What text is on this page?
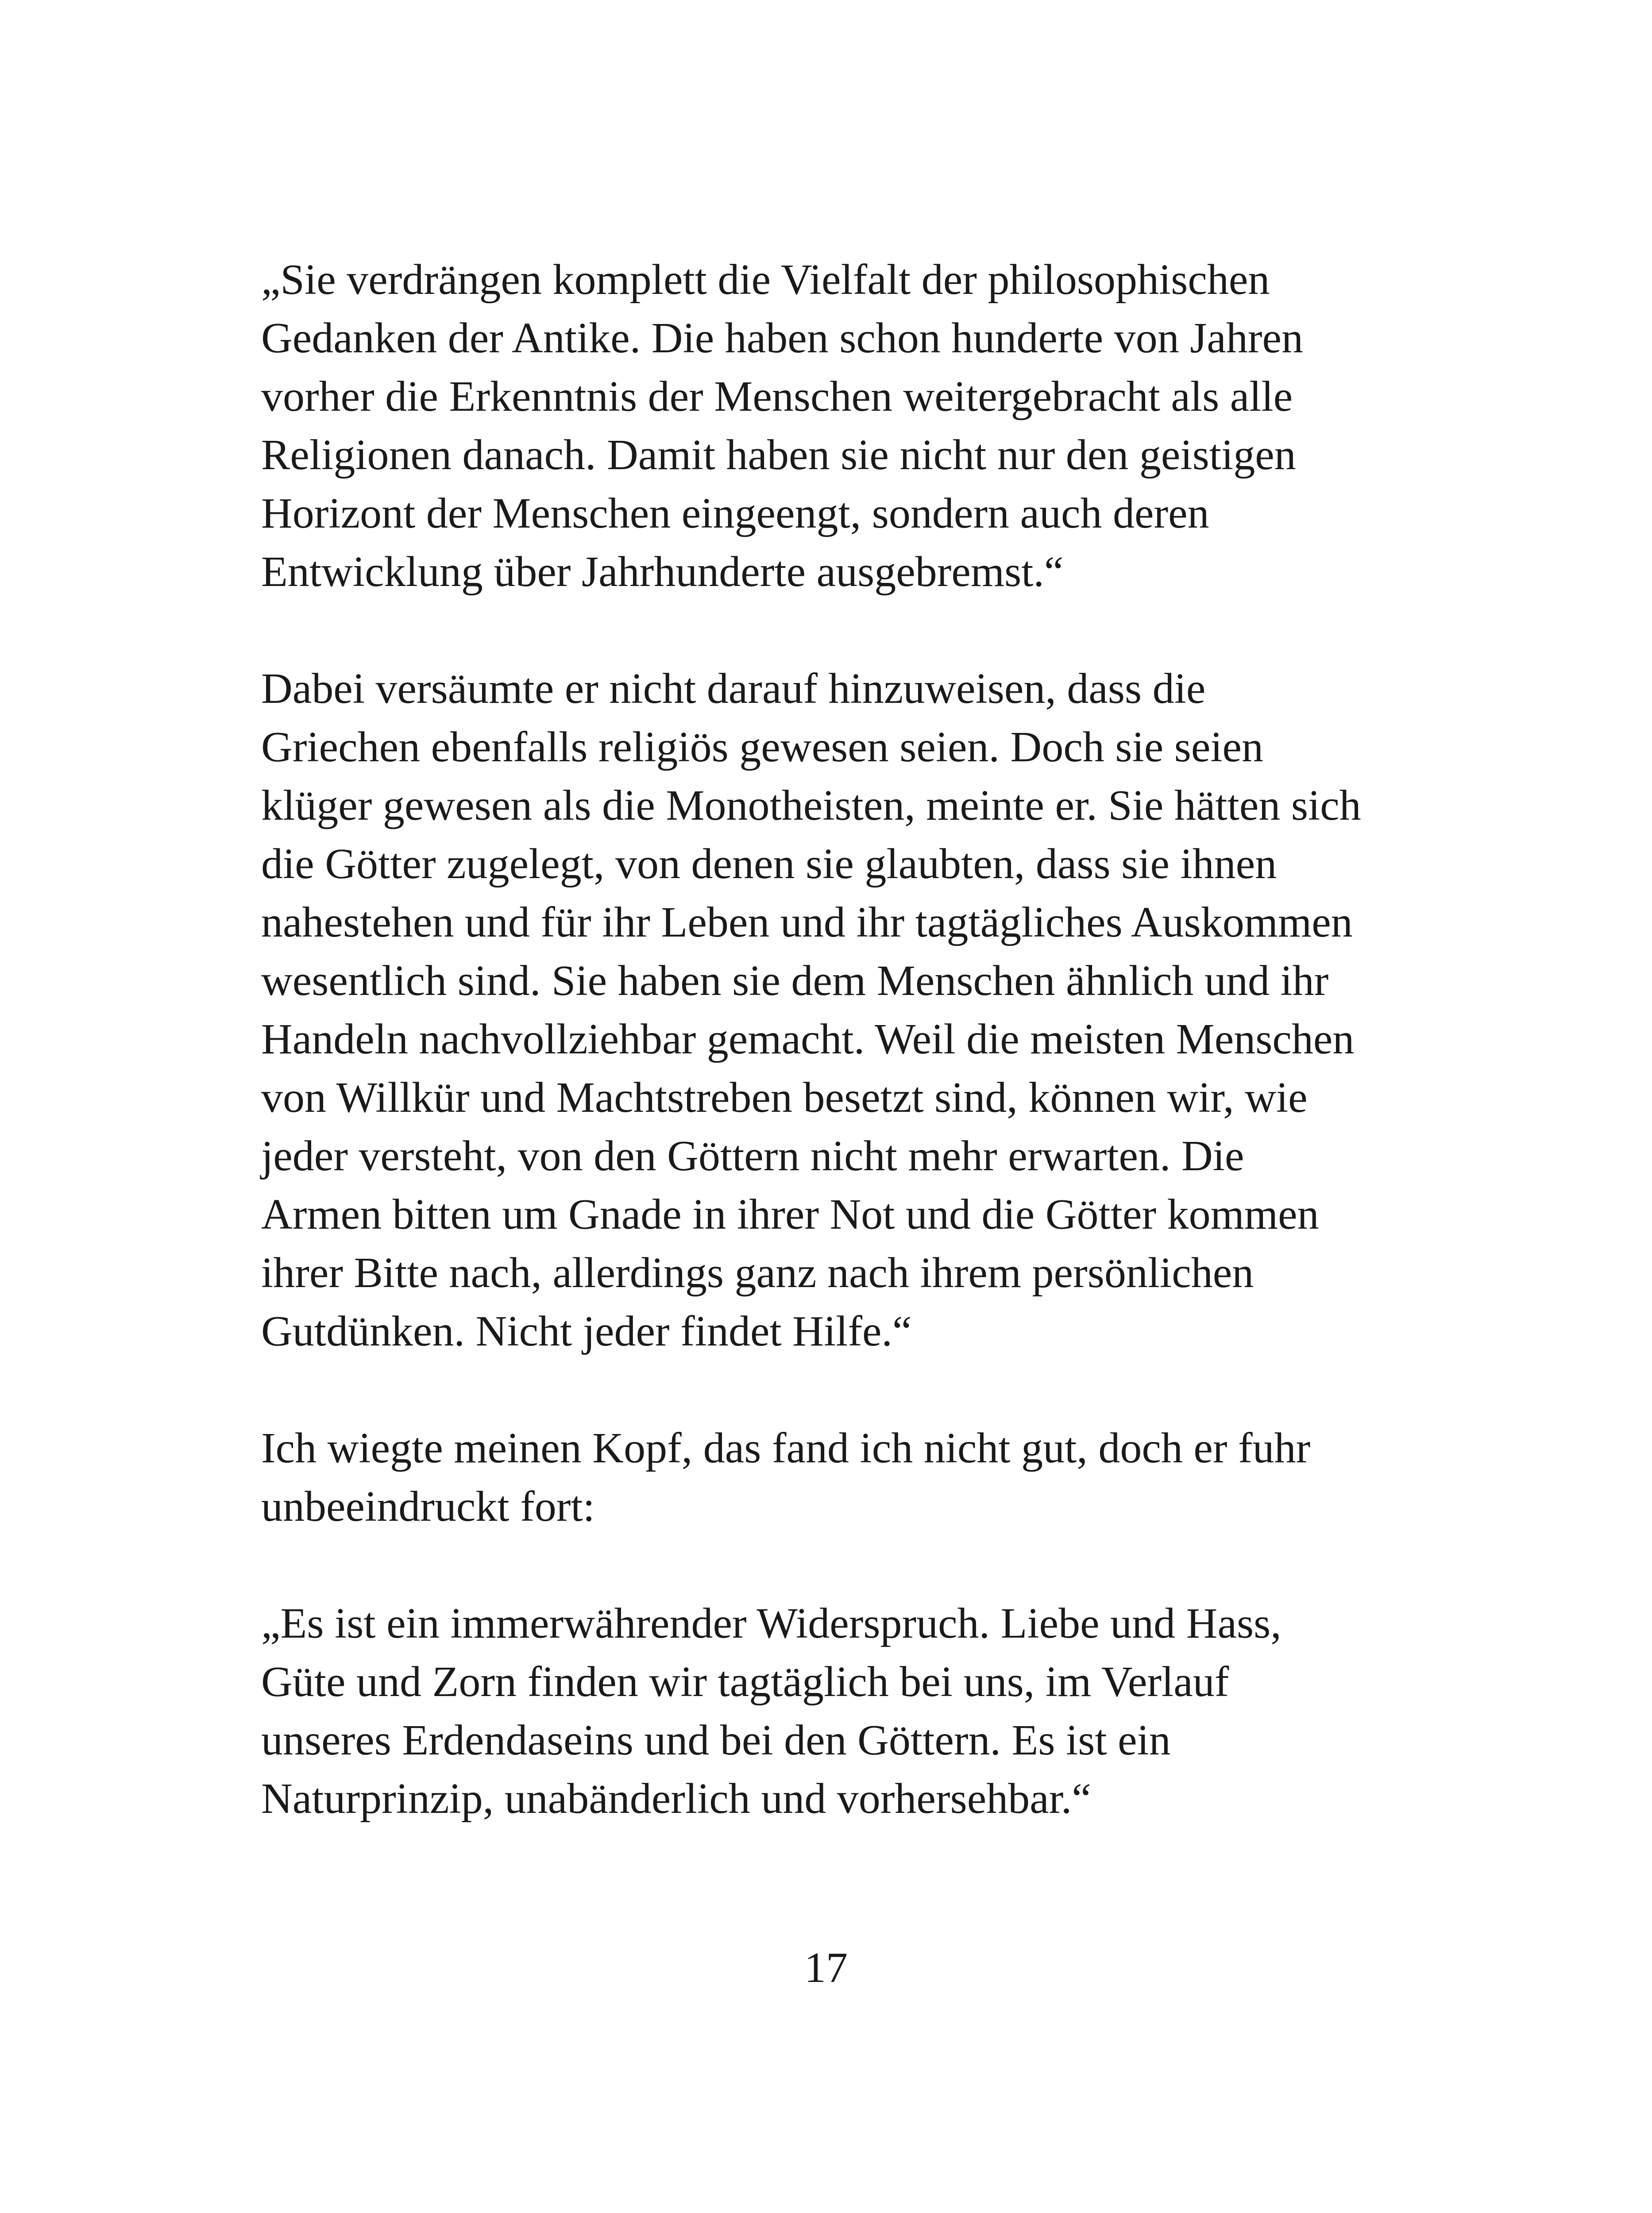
„Sie verdrängen komplett die Vielfalt der philosophischen
Gedanken der Antike. Die haben schon hunderte von Jahren
vorher die Erkenntnis der Menschen weitergebracht als alle
Religionen danach. Damit haben sie nicht nur den geistigen
Horizont der Menschen eingeengt, sondern auch deren
Entwicklung über Jahrhunderte ausgebremst.“

Dabei versäumte er nicht darauf hinzuweisen, dass die
Griechen ebenfalls religiös gewesen seien. Doch sie seien
klüger gewesen als die Monotheisten, meinte er. Sie hätten sich
die Götter zugelegt, von denen sie glaubten, dass sie ihnen
nahestehen und für ihr Leben und ihr tagtägliches Auskommen
wesentlich sind. Sie haben sie dem Menschen ähnlich und ihr
Handeln nachvollziehbar gemacht. Weil die meisten Menschen
von Willkür und Machtstreben besetzt sind, können wir, wie
jeder versteht, von den Göttern nicht mehr erwarten. Die
Armen bitten um Gnade in ihrer Not und die Götter kommen
ihrer Bitte nach, allerdings ganz nach ihrem persönlichen
Gutdünken. Nicht jeder findet Hilfe.“

Ich wiegte meinen Kopf, das fand ich nicht gut, doch er fuhr
unbeeindruckt fort:

„Es ist ein immerwährender Widerspruch. Liebe und Hass,
Güte und Zorn finden wir tagtäglich bei uns, im Verlauf
unseres Erdendaseins und bei den Göttern. Es ist ein
Naturprinzip, unabänderlich und vorhersehbar.“

17
